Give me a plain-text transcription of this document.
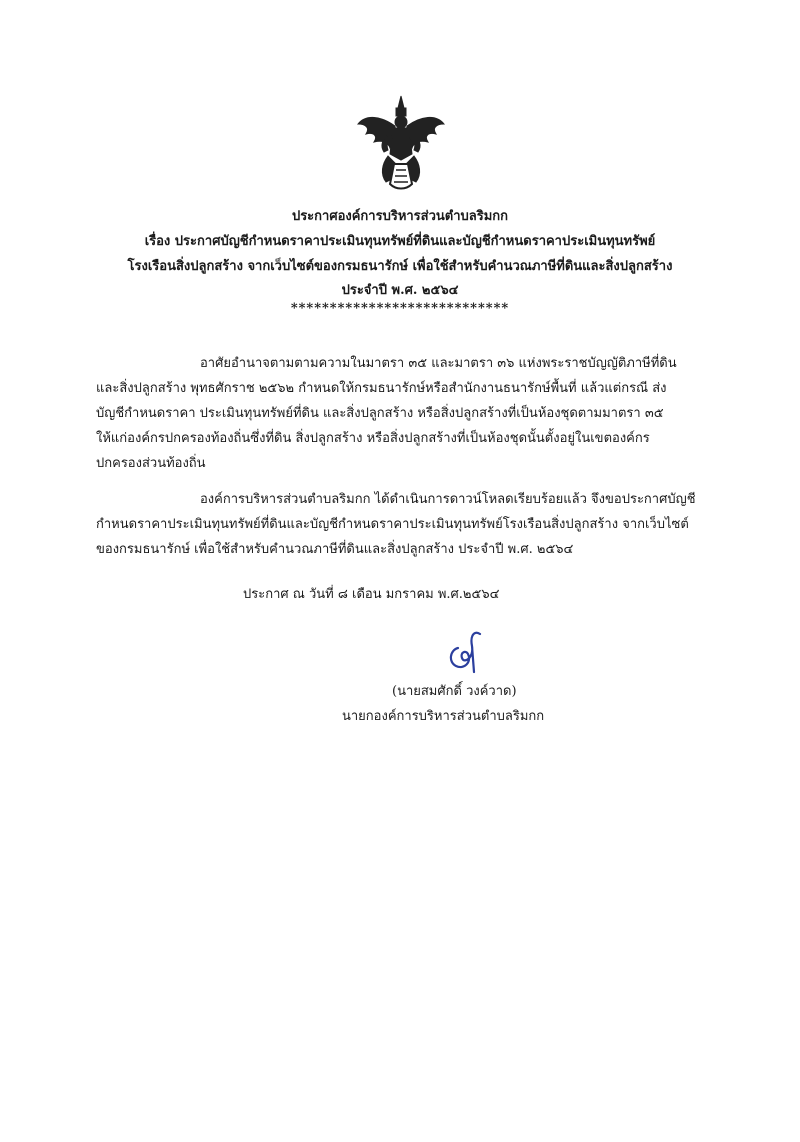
ประกาศองค์การบริหารส่วนตำบลริมกก
เรื่อง ประกาศบัญชีกำหนดราคาประเมินทุนทรัพย์ที่ดินและบัญชีกำหนดราคาประเมินทุนทรัพย์
โรงเรือนสิ่งปลูกสร้าง จากเว็บไซต์ของกรมธนารักษ์ เพื่อใช้สำหรับคำนวณภาษีที่ดินและสิ่งปลูกสร้าง
ประจำปี พ.ศ. ๒๕๖๔
****************************
อาศัยอำนาจตามตามความในมาตรา ๓๕ และมาตรา ๓๖ แห่งพระราชบัญญัติภาษีที่ดิน
และสิ่งปลูกสร้าง พุทธศักราช ๒๕๖๒ กำหนดให้กรมธนารักษ์หรือสำนักงานธนารักษ์พื้นที่ แล้วแต่กรณี ส่ง
บัญชีกำหนดราคา ประเมินทุนทรัพย์ที่ดิน และสิ่งปลูกสร้าง หรือสิ่งปลูกสร้างที่เป็นห้องชุดตามมาตรา ๓๕
ให้แก่องค์กรปกครองท้องถิ่นซึ่งที่ดิน สิ่งปลูกสร้าง หรือสิ่งปลูกสร้างที่เป็นห้องชุดนั้นตั้งอยู่ในเขตองค์กร
ปกครองส่วนท้องถิ่น
องค์การบริหารส่วนตำบลริมกก ได้ดำเนินการดาวน์โหลดเรียบร้อยแล้ว จึงขอประกาศบัญชี
กำหนดราคาประเมินทุนทรัพย์ที่ดินและบัญชีกำหนดราคาประเมินทุนทรัพย์โรงเรือนสิ่งปลูกสร้าง จากเว็บไซต์
ของกรมธนารักษ์ เพื่อใช้สำหรับคำนวณภาษีที่ดินและสิ่งปลูกสร้าง ประจำปี พ.ศ. ๒๕๖๔
ประกาศ ณ วันที่ ๘ เดือน มกราคม พ.ศ.๒๕๖๔
(นายสมศักดิ์ วงค์วาด)
นายกองค์การบริหารส่วนตำบลริมกก
